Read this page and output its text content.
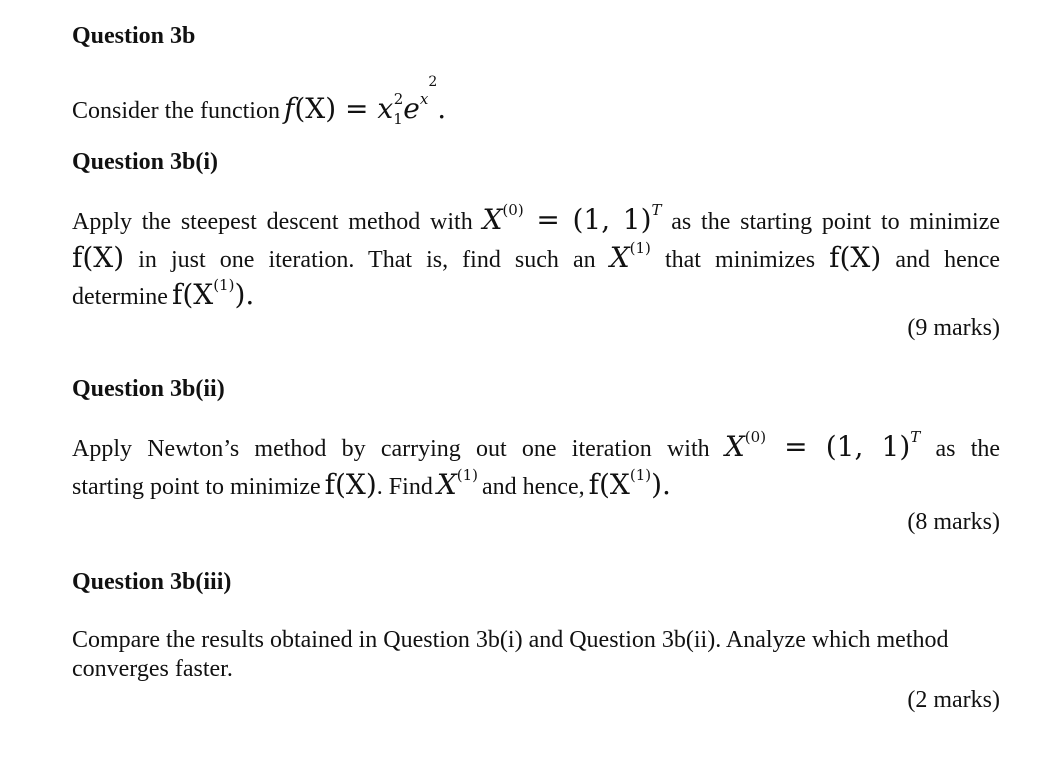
Question 3b
Consider the function $f(X) = x_1^2e^{x2}$.
Question 3b(i)
Apply the steepest descent method with $X^{(0)} = (1$, 1)$^T$ as the starting point to minimize
f(X) in just one iteration. That is, find such an $X^{(1)}$ that minimizes f(X) and hence
determine $f(X^{(1)})$.
(9 marks)
Question 3b(ii)
Apply Newton’s method by carrying out one iteration with $X^{(0)} = (1$, 1)$^T$ as the
starting point to minimize f(X). Find $X^{(1)}$ and hence, $f(X^{(1)})$.
(8 marks)
Question 3b(iii)
Compare the results obtained in Question 3b(i) and Question 3b(ii). Analyze which method
converges faster.
(2 marks)
